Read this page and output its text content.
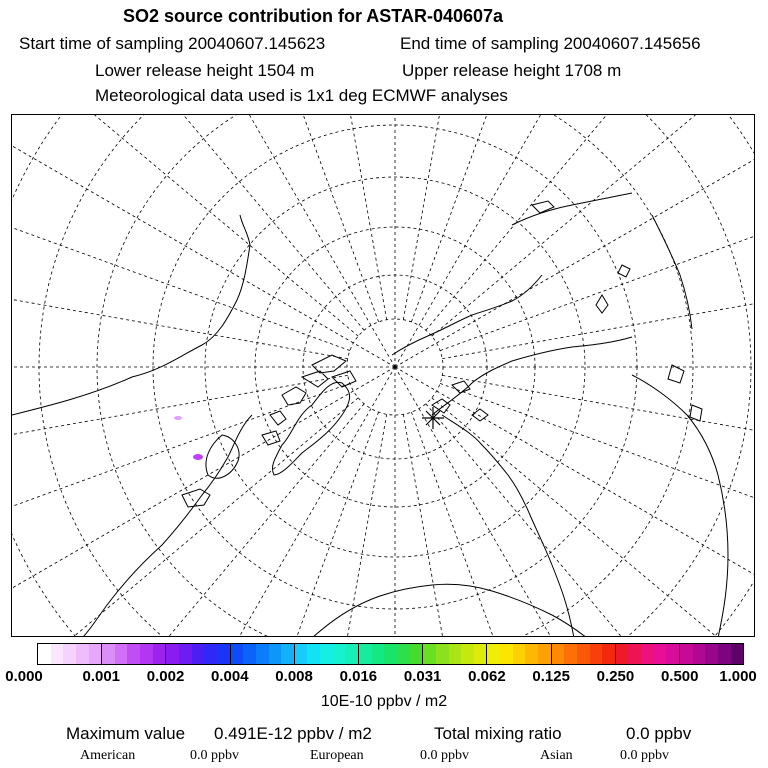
SO2 source contribution for ASTAR-040607a
Start time of sampling 20040607.145623	End time of sampling 20040607.145656
Lower release height 1504 m	Upper release height 1708 m
Meteorological data used is 1x1 deg ECMWF analyses
0.000	0.001 0.002 0.004 0.008 0.016 0.031 0.062 0.125 0.250 0.500 1.000
10E-10 ppbv / m2
Maximum value 0.491E-12 ppbv / m2	Total mixing ratio	0.0 ppbv
American	0.0 ppbv	European	0.0 ppbv	Asian	0.0 ppbv
